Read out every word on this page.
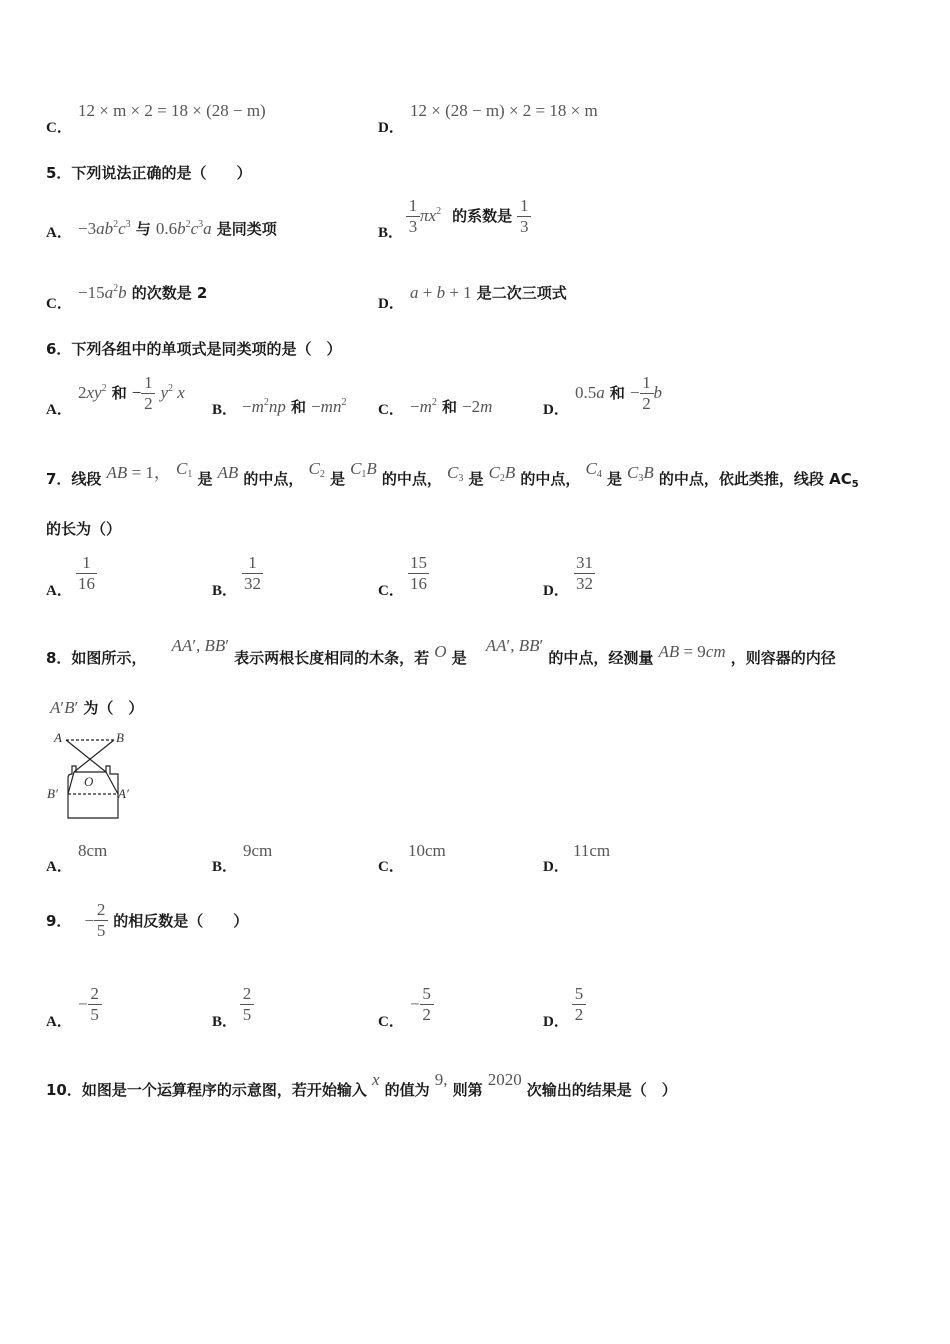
C．
12 × m × 2 = 18 × (28 − m)
D．
12 × (28 − m) × 2 = 18 × m
5．下列说法正确的是（　　）
A． $-3ab^2c^3$ 与 $0.6b^2c^3a$ 是同类项	B． $\frac{1}{3} \pi x^2$ 的系数是 $\frac{1}{3}$
C．
$-15a^2b$ 的次数是 2
D．
a + b + 1 是二次三项式
6．下列各组中的单项式是同类项的是（　）
A．
$2xy^2$ 和 − $\frac{1}{2} y^2$ x
B． $-m^2np$ 和 $-mn^2$ C． $-m^2$ 和 −2m	D．
0.5a 和 − $\frac{1}{2}$ b
7．线段 AB = 1， $C_1$ 是 AB 的中点， $C_2$ 是 $C_1B$ 的中点， $C_3$ 是 $C_2B$ 的中点， $C_4$ 是 $C_3B$ 的中点，依此类推，线段 $AC_5$
的长为（）
A． $\frac{1}{16}$	B． $\frac{1}{32}$	C． $\frac{15}{16}$	D． $\frac{31}{32}$
8．如图所示， AA′, BB′ 表示两根长度相同的木条，若 O 是 AA′, BB′ 的中点，经测量 AB = 9cm ，则容器的内径
A′B′ 为（　）
A	B
O
B′	A′
A．
8cm
B．
9cm
C．
10cm
D．
11cm
9． − $\frac{2}{5}$ 的相反数是（　　）
A．
− $\frac{2}{5}$	B． $\frac{2}{5}$	C．
− $\frac{5}{2}$	D． $\frac{5}{2}$
10．如图是一个运算程序的示意图，若开始输入 x 的值为 9, 则第 2020 次输出的结果是（　）
